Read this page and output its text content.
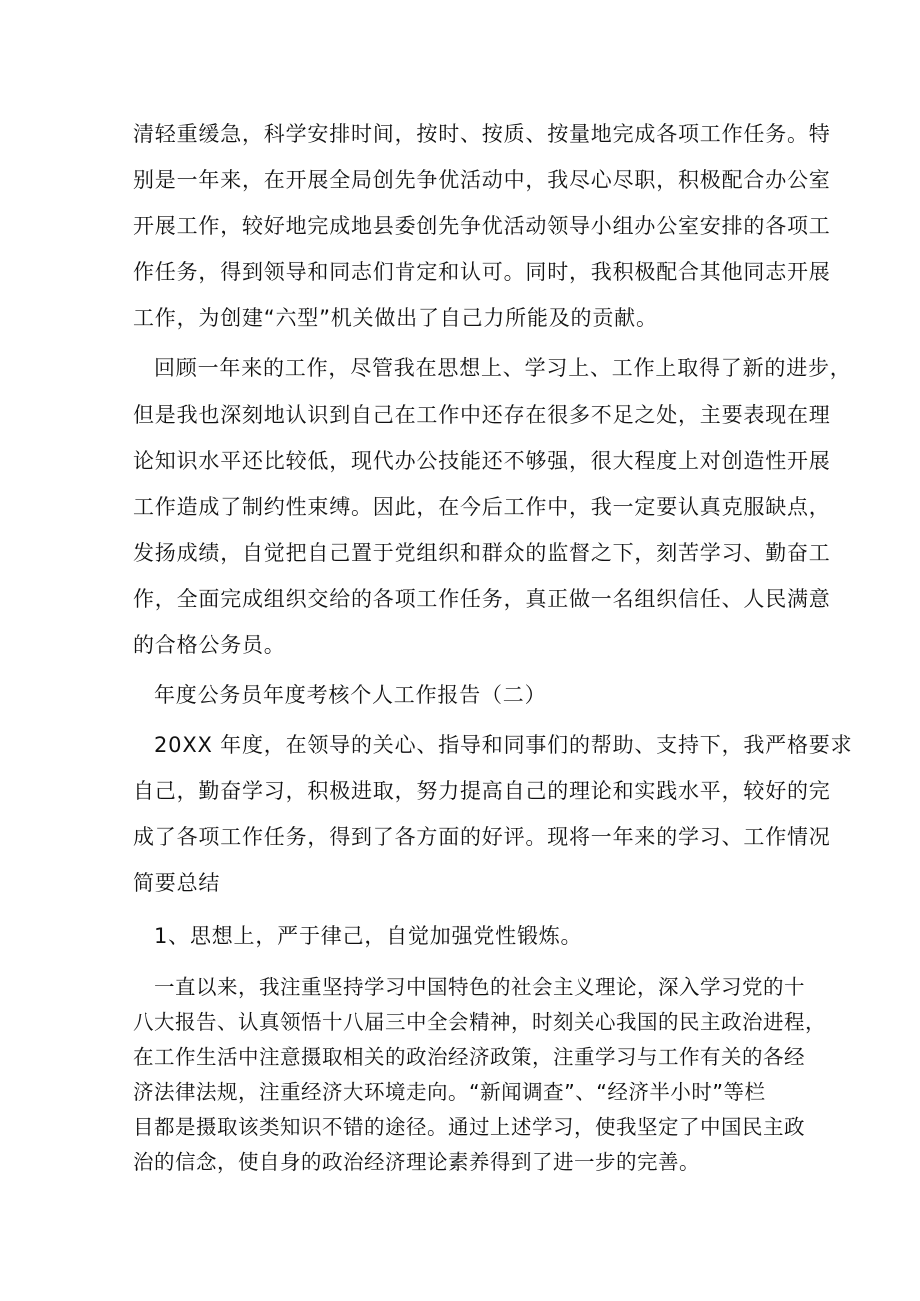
清轻重缓急，科学安排时间，按时、按质、按量地完成各项工作任务。特
别是一年来，在开展全局创先争优活动中，我尽心尽职，积极配合办公室
开展工作，较好地完成地县委创先争优活动领导小组办公室安排的各项工
作任务，得到领导和同志们肯定和认可。同时，我积极配合其他同志开展
工作，为创建“六型”机关做出了自己力所能及的贡献。
回顾一年来的工作，尽管我在思想上、学习上、工作上取得了新的进步，
但是我也深刻地认识到自己在工作中还存在很多不足之处，主要表现在理
论知识水平还比较低，现代办公技能还不够强，很大程度上对创造性开展
工作造成了制约性束缚。因此，在今后工作中，我一定要认真克服缺点，
发扬成绩，自觉把自己置于党组织和群众的监督之下，刻苦学习、勤奋工
作，全面完成组织交给的各项工作任务，真正做一名组织信任、人民满意
的合格公务员。
年度公务员年度考核个人工作报告（二）
20XX 年度，在领导的关心、指导和同事们的帮助、支持下，我严格要求
自己，勤奋学习，积极进取，努力提高自己的理论和实践水平，较好的完
成了各项工作任务，得到了各方面的好评。现将一年来的学习、工作情况
简要总结
1、思想上，严于律己，自觉加强党性锻炼。
一直以来，我注重坚持学习中国特色的社会主义理论，深入学习党的十
八大报告、认真领悟十八届三中全会精神，时刻关心我国的民主政治进程，
在工作生活中注意摄取相关的政治经济政策，注重学习与工作有关的各经
济法律法规，注重经济大环境走向。“新闻调查”、“经济半小时”等栏
目都是摄取该类知识不错的途径。通过上述学习，使我坚定了中国民主政
治的信念，使自身的政治经济理论素养得到了进一步的完善。
